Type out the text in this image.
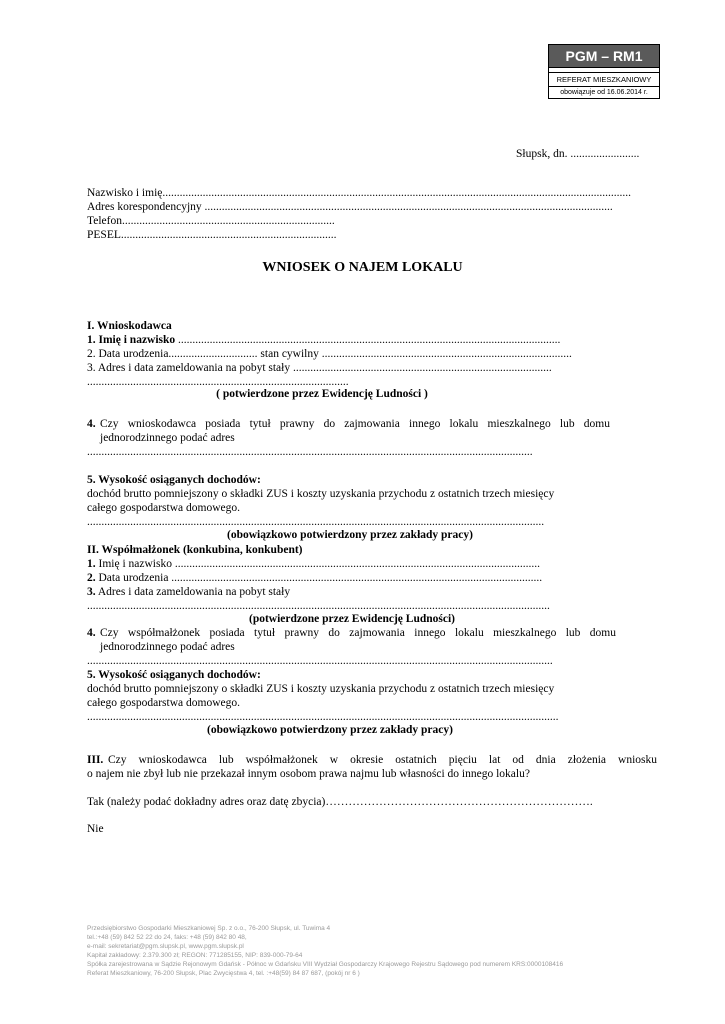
PGM – RM1
REFERAT MIESZKANIOWY
obowiązuje od 16.06.2014 r.
Słupsk, dn. ........................
Nazwisko i imię...................................................................................................................................................................
Adres korespondencyjny ..............................................................................................................................................
Telefon..........................................................................
PESEL...........................................................................
WNIOSEK O NAJEM LOKALU
I. Wnioskodawca
1. Imię i nazwisko .....................................................................................................................................
2. Data urodzenia............................... stan cywilny .......................................................................................
3. Adres i data zameldowania na pobyt stały ..........................................................................................
...........................................................................................
( potwierdzone przez Ewidencję Ludności )
4. Czy wnioskodawca posiada tytuł prawny do zajmowania innego lokalu mieszkalnego lub domu
jednorodzinnego podać adres
...........................................................................................................................................................
5. Wysokość osiąganych dochodów:
dochód brutto pomniejszony o składki ZUS i koszty uzyskania przychodu z ostatnich trzech miesięcy
całego gospodarstwa domowego.
...............................................................................................................................................................
(obowiązkowo potwierdzony przez zakłady pracy)
II. Współmałżonek (konkubina, konkubent)
1. Imię i nazwisko ...............................................................................................................................
2. Data urodzenia .................................................................................................................................
3. Adres i data zameldowania na pobyt stały
.................................................................................................................................................................
(potwierdzone przez Ewidencję Ludności)
4. Czy współmałżonek posiada tytuł prawny do zajmowania innego lokalu mieszkalnego lub domu
jednorodzinnego podać adres
..................................................................................................................................................................
5. Wysokość osiąganych dochodów:
dochód brutto pomniejszony o składki ZUS i koszty uzyskania przychodu z ostatnich trzech miesięcy
całego gospodarstwa domowego.
....................................................................................................................................................................
(obowiązkowo potwierdzony przez zakłady pracy)
III. Czy wnioskodawca lub współmałżonek w okresie ostatnich pięciu lat od dnia złożenia wniosku
o najem nie zbył lub nie przekazał innym osobom prawa najmu lub własności do innego lokalu?
Tak (należy podać dokładny adres oraz datę zbycia)…………………………………………………………….
Nie
Przedsiębiorstwo Gospodarki Mieszkaniowej Sp. z o.o., 76-200 Słupsk, ul. Tuwima 4
tel.:+48 (59) 842 52 22 do 24, faks: +48 (59) 842 80 48,
e-mail: sekretariat@pgm.slupsk.pl, www.pgm.slupsk.pl
Kapitał zakładowy: 2.379.300 zł; REGON: 771285155, NIP: 839-000-79-64
Spółka zarejestrowana w Sądzie Rejonowym Gdańsk - Północ w Gdańsku VIII Wydział Gospodarczy Krajowego Rejestru Sądowego pod numerem KRS:0000108416
Referat Mieszkaniowy, 76-200 Słupsk, Plac Zwycięstwa 4, tel. :+48(59) 84 87 687, (pokój nr 6 )
